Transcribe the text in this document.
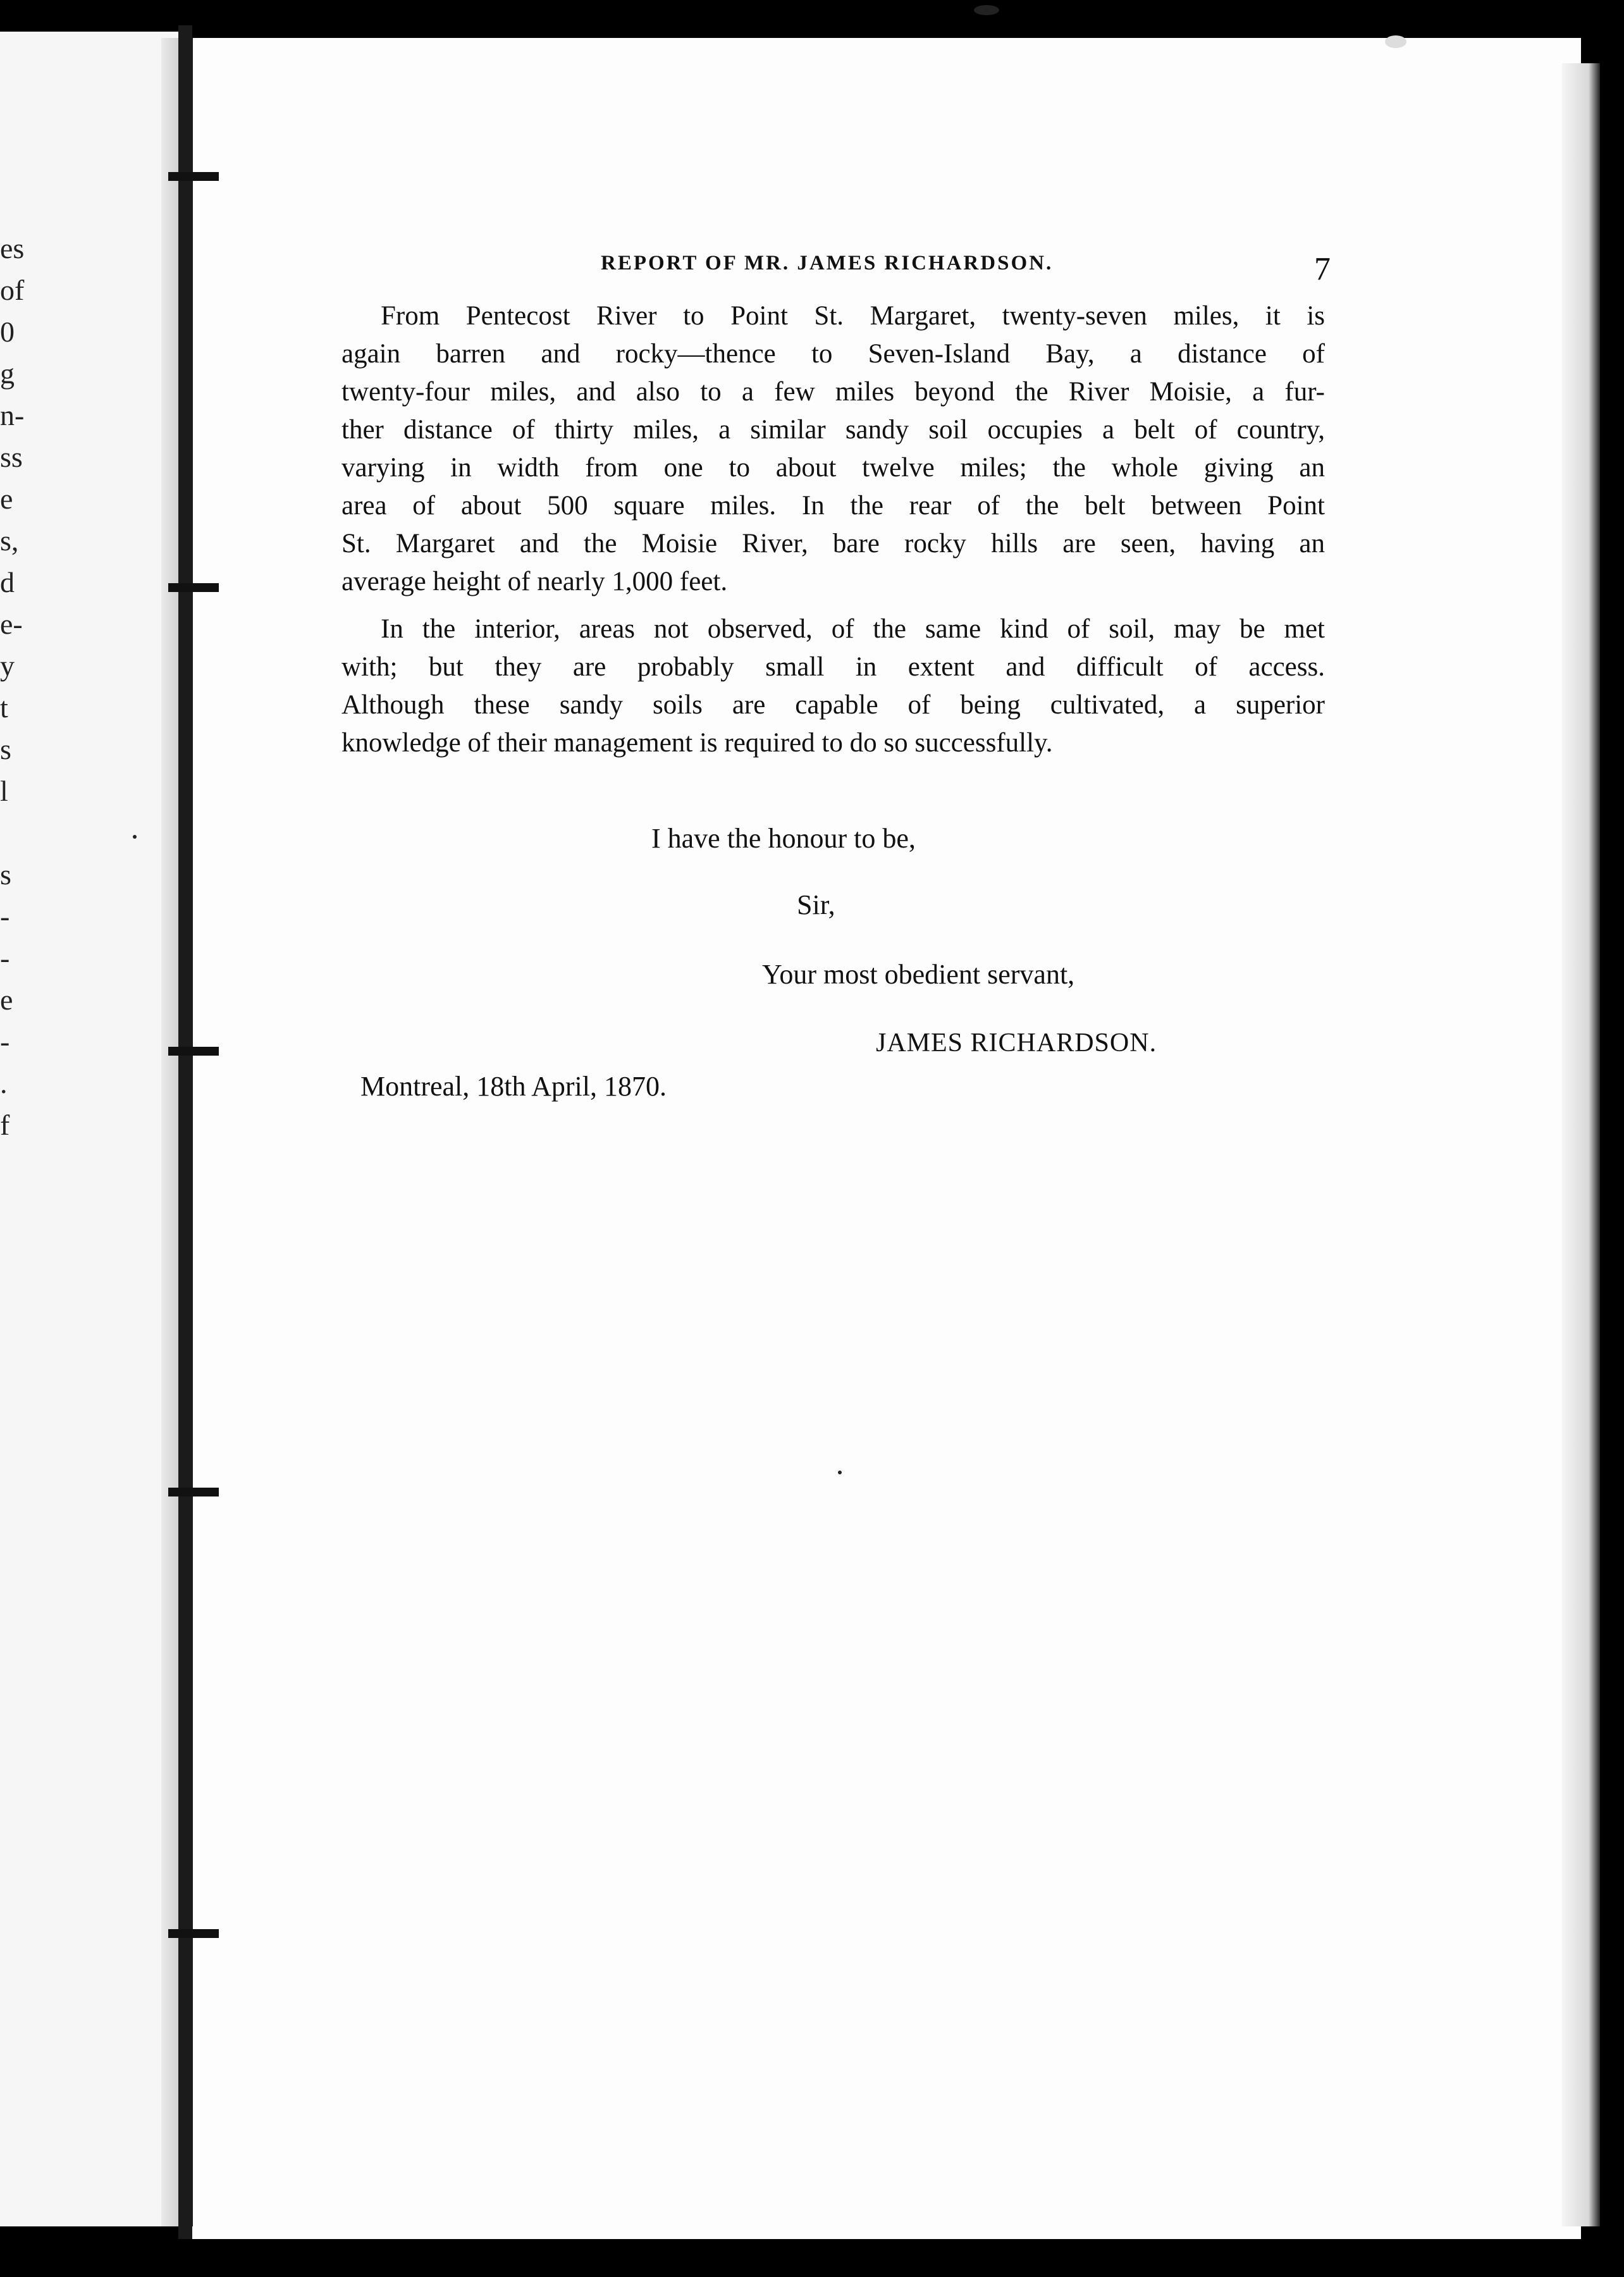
es
of
0
g
n-
ss
e
s,
d
e-
y
t
s
l
s
-
-
e
-
.
f
REPORT OF MR. JAMES RICHARDSON.	7
From Pentecost River to Point St. Margaret, twenty-seven miles, it is
again barren and rocky—thence to Seven-Island Bay, a distance of
twenty-four miles, and also to a few miles beyond the River Moisie, a fur-
ther distance of thirty miles, a similar sandy soil occupies a belt of country,
varying in width from one to about twelve miles; the whole giving an
area of about 500 square miles. In the rear of the belt between Point
St. Margaret and the Moisie River, bare rocky hills are seen, having an
average height of nearly 1,000 feet.
In the interior, areas not observed, of the same kind of soil, may be met
with; but they are probably small in extent and difficult of access.
Although these sandy soils are capable of being cultivated, a superior
knowledge of their management is required to do so successfully.
I have the honour to be,
Sir,
Your most obedient servant,
JAMES RICHARDSON.
Montreal, 18th April, 1870.
